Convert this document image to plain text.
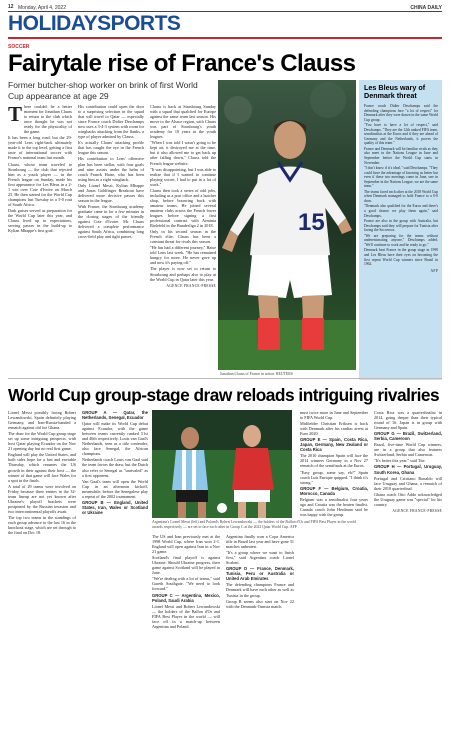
12 Monday, April 4, 2022	CHINA DAILY
HOLIDAYSPORTS
SOCCER
Fairytale rise of France's Clauss
Former butcher-shop worker on brink of first World Cup appearance at age 29
T here couldn't be a better moment for Jonathan Clauss to return to the club which once thought he was not ready for the physicality of the game.

It has been a long road, but the 29-year-old Lens right-back ultimately made it to the top level, getting a first taste of international soccer with France's national team last month.

Clauss, whose team traveled to Strasbourg — the club that rejected him as a youth player — in the French league on Sunday, made his first appearance for Les Bleus in a 2-1 win over Cote d'Ivoire on March 25. He then started for the World Cup champions last Tuesday in a 5-0 rout of South Africa.

Dark guises served as preparation for the World Cup later this year, and Clauss lived up to expectations, serving passes in the build-up to Kylian Mbappe's first goal.

His contribution could open the door to a surprising selection in the squad that will travel to Qatar — especially since France coach Didier Deschamps now uses a 3-4-3 system with room for wingbacks attacking from the flanks, a type of player admired by Clauss.

It's actually Clauss' attacking profile that has caught the eye in the French league this season.

His contribution to Lens' offensive plan has been stellar, with four goals and nine assists under the helm of coach Franck Haise, who has been using him as a right wingback.

Only Lionel Messi, Kylian Mbappe and Jonas Goldfinger Breakout have delivered more decisive passes this season in the league.

With France, the Strasbourg academy graduate came in for a few minutes in the closing stages of the friendly against Cote d'Ivoire. Mr. Clauss delivered a complete performance against South Africa, combining long cross-field play and tight passes.

Clauss is back at Strasbourg Sunday with a squad that qualified for Europe against the same team last season. His move to the Alsace region, with Clauss was part of Strasbourg's youth academy for 10 years in the youth leagues.

"When I was told I wasn't going to be kept on, it destroyed me at the time, but it also allowed me to get back up after falling down," Clauss told the French league website.

"It was disappointing, but I was able to realize that if I wanted to continue playing soccer, I had to put in a lot of work."

Clauss then took a series of odd jobs, including as a post office and a butcher shop, before bouncing back with amateur teams. He joined several amateur clubs across the French lower leagues before signing a first professional contract with Arminia Bielefeld in the Bundesliga 2 in 2018.

Only in his second season in the French elite, Clauss has been a constant threat for rivals this season.

"He has had a different journey," Haise told Lens last week. "He has remained hungry for more. He never gave up and now it's paying off."

The player is now set to return to Strasbourg and perhaps also to play at the World Cup in Qatar later this year.

AGENCE FRANCE-PRESSE
15
Jonathan Clauss of France in action. REUTERS
Les Bleus wary of Denmark threat

France coach Didier Deschamps said the defending champions face "a lot of respect" for Denmark after they were drawn in the same World Cup group.

"You have to have a lot of respect," said Deschamps. "They are the 12th ranked FIFA team, semifinalists at the Euros and if they are ahead of Germany and the Netherlands, it proves the quality of this team."

France and Denmark will be familiar rivals as they also meet in the Nations League in June and September before the World Cup starts in November.

"I don't know if it's ideal," said Deschamps. "They could have the advantage of knowing us better but even if these two meetings come in June, one in September in the Nations League, we are the same team."

The teams faced each other at the 2018 World Cup when Denmark managed to hold France to a 0-0 draw.

"Denmark also qualified for the Euros and there's a good chance we play them again," said Deschamps.

France are also in the group with Australia, but Deschamps said they will prepare for Tunisia after facing the Socceroos.

"We are preparing for the teams without underestimating anyone," Deschamps added. "We'll continue to work and be ready to go."

Denmark beat France in the group stage in 1998 and Les Bleus have their eyes on becoming the first repeat World Cup winners since Brazil in 1962.

AFP
World Cup group-stage draw reloads intriguing rivalries

Lionel Messi possibly facing Robert Lewandowski, Spain definitely playing Germany, and Iran-Russia-handed a rematch against old foe Ghana.

The draw for the World Cup group stage set up some intriguing prospects, with host Qatar playing Ecuador on the Nov 21 opening day but no real first game.

England will play the United States, and both sides hope for a fast and enviable Thursday, which resumes the US growth in their against their host — the winner of that game will face Wales for a spot in the finals.

A total of 29 teams were involved on Friday because three entries in the 32-team lineup are not yet known after Ukraine's playoff brackets were postponed by the Russian invasion and two intercontinental playoffs await.

The top two teams in the standings of each group advance to the last 16 in the knockout stage, which are set through to the final on Dec 18.

GROUP A — Qatar, the Netherlands, Senegal, Ecuador

Qatar will make its World Cup debut against Ecuador, with the game between teams currently ranked 51st and 46th respectively. Louis van Gaal's Netherlands, seen as a title contender, also face Senegal, the African champions.

Netherlands coach Louis van Gaal said the team favors the draw, but the Dutch also refer to Senegal as "unrivaled" as a first opponent.

Van Gaal's team will open the World Cup in an afternoon kickoff, meanwhile, before the Senegalese play a repeat of the 2002 tournament.

GROUP B — England, United States, Iran, Wales or Scotland or Ukraine

Argentina's Lionel Messi (left) and Poland's Robert Lewandowski — the holders of the Ballon d'Or and FIFA Best Player in the world awards respectively — are set to face each other in Group C at the 2022 Qatar World Cup. AFP

The US and Iran previously met at the 1998 World Cup, where Iran won 2-1. England will open against Iran in a Nov 21 game.

Scotland's final playoff is against Ukraine. Should Ukraine progress, their game against Scotland will be played in June.

"We're dealing with a lot of teams," said Gareth Southgate. "We need to look forward."

GROUP C — Argentina, Mexico, Poland, Saudi Arabia

Lionel Messi and Robert Lewandowski — the holders of the Ballon d'Or and FIFA Best Player in the world — will face off in a match-up between Argentina and Poland.

Argentina finally won a Copa America title in Brazil last year and have gone 31 matches unbeaten.

"It's a group where we want to finish first," said Argentina coach Lionel Scaloni.

GROUP D — France, Denmark, Tunisia, Peru or Australia or United Arab Emirates

The defending champions France and Denmark will have each other as well as Tunisia in the group.

Group B seems also start on Nov 22 with the Denmark-Tunisia match.

must twice more in June and September to FIFA World Cup.

Midfielder Christian Eriksen is back with Denmark after his cardiac arrest at Euro 2020.

GROUP E — Spain, Costa Rica, Japan, Germany, New Zealand or Costa Rica

The 2010 champion Spain will face the 2014 winners Germany in a Nov 27 rematch of the semifinals at the Euros.

"Easy group, some say, eh?" Spain coach Luis Enrique quipped. "I think it's strong."

GROUP F — Belgium, Croatia, Morocco, Canada

Belgium was a semifinalist four years ago and Croatia was the beaten finalist. Canada coach John Herdman said he was happy with the group.

Costa Rica was a quarterfinalist in 2014, going deeper than their typical round of 16. Japan is in group with Germany and Spain.

GROUP G — Brazil, Switzerland, Serbia, Cameroon

Brazil, five-time World Cup winners, are in a group that also features Switzerland, Serbia and Cameroon.

"It's better this year," said Tite.

GROUP H — Portugal, Uruguay, South Korea, Ghana

Portugal and Cristiano Ronaldo will face Uruguay and Ghana, a rematch of their 2010 quarterfinal.

Ghana coach Otto Addo acknowledged the Uruguay game was "special" for his country.

AGENCE FRANCE-PRESSE
